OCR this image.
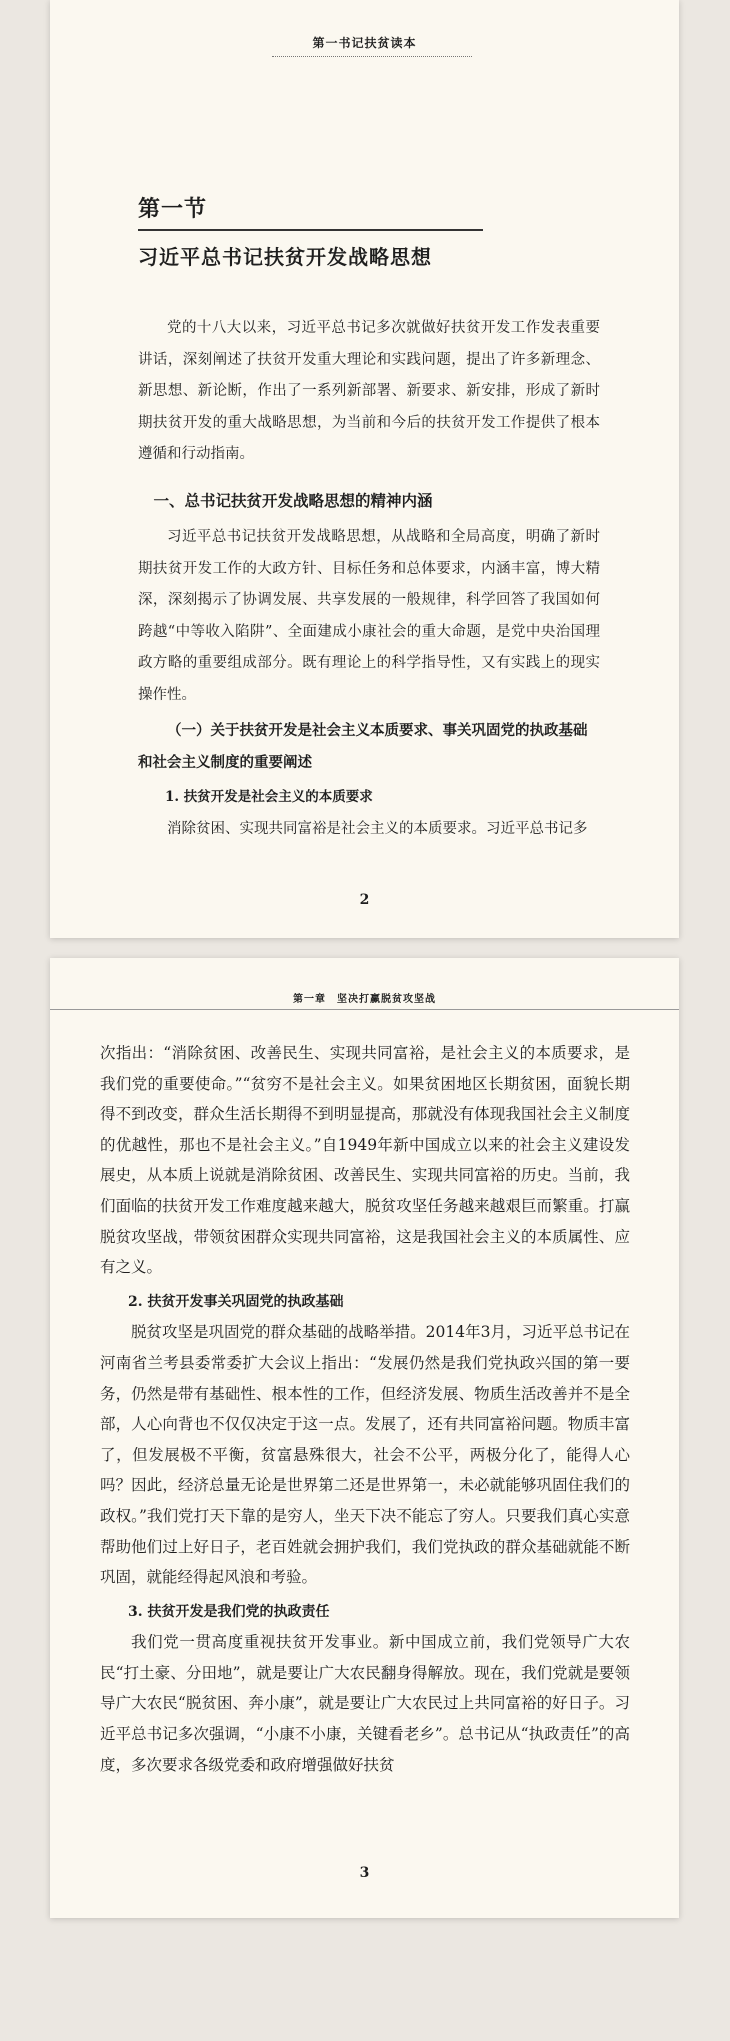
第一书记扶贫读本
第一节
习近平总书记扶贫开发战略思想

党的十八大以来，习近平总书记多次就做好扶贫开发工作发表重要讲话，深刻阐述了扶贫开发重大理论和实践问题，提出了许多新理念、新思想、新论断，作出了一系列新部署、新要求、新安排，形成了新时期扶贫开发的重大战略思想，为当前和今后的扶贫开发工作提供了根本遵循和行动指南。

一、总书记扶贫开发战略思想的精神内涵

习近平总书记扶贫开发战略思想，从战略和全局高度，明确了新时期扶贫开发工作的大政方针、目标任务和总体要求，内涵丰富，博大精深，深刻揭示了协调发展、共享发展的一般规律，科学回答了我国如何跨越“中等收入陷阱”、全面建成小康社会的重大命题，是党中央治国理政方略的重要组成部分。既有理论上的科学指导性，又有实践上的现实操作性。

（一）关于扶贫开发是社会主义本质要求、事关巩固党的执政基础和社会主义制度的重要阐述
1. 扶贫开发是社会主义的本质要求

消除贫困、实现共同富裕是社会主义的本质要求。习近平总书记多

2
第一章　坚决打赢脱贫攻坚战

次指出：“消除贫困、改善民生、实现共同富裕，是社会主义的本质要求，是我们党的重要使命。”“贫穷不是社会主义。如果贫困地区长期贫困，面貌长期得不到改变，群众生活长期得不到明显提高，那就没有体现我国社会主义制度的优越性，那也不是社会主义。”自1949年新中国成立以来的社会主义建设发展史，从本质上说就是消除贫困、改善民生、实现共同富裕的历史。当前，我们面临的扶贫开发工作难度越来越大，脱贫攻坚任务越来越艰巨而繁重。打赢脱贫攻坚战，带领贫困群众实现共同富裕，这是我国社会主义的本质属性、应有之义。

2. 扶贫开发事关巩固党的执政基础

脱贫攻坚是巩固党的群众基础的战略举措。2014年3月，习近平总书记在河南省兰考县委常委扩大会议上指出：“发展仍然是我们党执政兴国的第一要务，仍然是带有基础性、根本性的工作，但经济发展、物质生活改善并不是全部，人心向背也不仅仅决定于这一点。发展了，还有共同富裕问题。物质丰富了，但发展极不平衡，贫富悬殊很大，社会不公平，两极分化了，能得人心吗？因此，经济总量无论是世界第二还是世界第一，未必就能够巩固住我们的政权。”我们党打天下靠的是穷人，坐天下决不能忘了穷人。只要我们真心实意帮助他们过上好日子，老百姓就会拥护我们，我们党执政的群众基础就能不断巩固，就能经得起风浪和考验。

3. 扶贫开发是我们党的执政责任

我们党一贯高度重视扶贫开发事业。新中国成立前，我们党领导广大农民“打土豪、分田地”，就是要让广大农民翻身得解放。现在，我们党就是要领导广大农民“脱贫困、奔小康”，就是要让广大农民过上共同富裕的好日子。习近平总书记多次强调，“小康不小康，关键看老乡”。总书记从“执政责任”的高度，多次要求各级党委和政府增强做好扶贫

3
